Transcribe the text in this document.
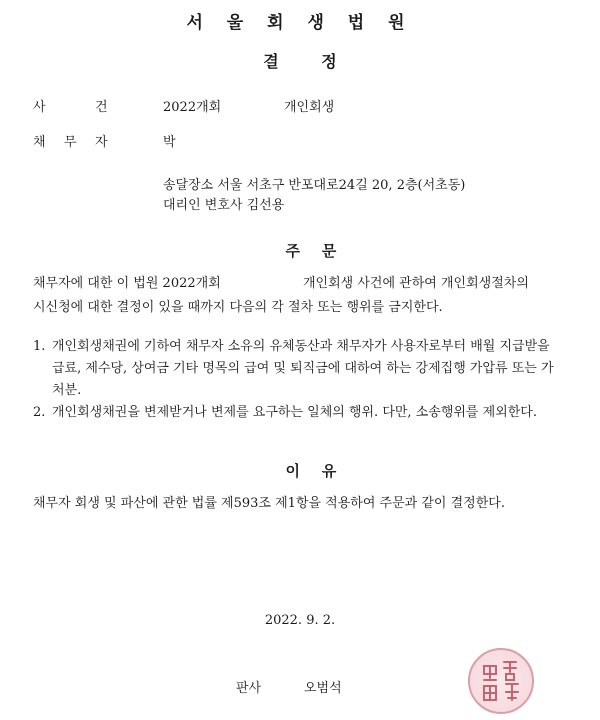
서 울 회 생 법 원
결	정
사	건	2022개회	개인회생
채 무 자	박
송달장소 서울 서초구 반포대로24길 20, 2층(서초동)
대리인 변호사 김선용
주 문
채무자에 대한 이 법원 2022개회	개인회생 사건에 관하여 개인회생절차의
시신청에 대한 결정이 있을 때까지 다음의 각 절차 또는 행위를 금지한다.
1. 개인회생채권에 기하여 채무자 소유의 유체동산과 채무자가 사용자로부터 배월 지급받을 급료, 제수당, 상여금 기타 명목의 급여 및 퇴직금에 대하여 하는 강제집행 가압류 또는 가처분.
2. 개인회생채권을 변제받거나 변제를 요구하는 일체의 행위. 다만, 소송행위를 제외한다.
이 유
채무자 회생 및 파산에 관한 법률 제593조 제1항을 적용하여 주문과 같이 결정한다.
2022. 9. 2.
판사	오범석
